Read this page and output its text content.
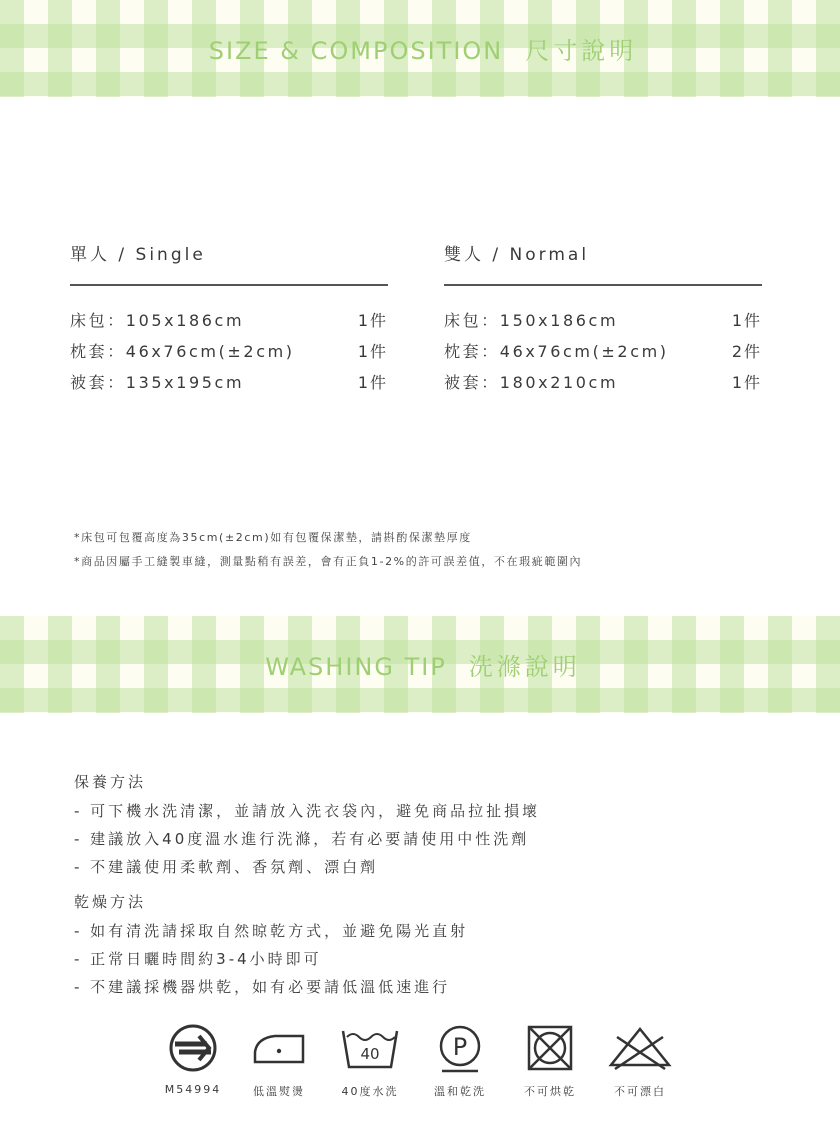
SIZE & COMPOSITION 尺寸說明
單人 / Single
床包：105x186cm	1件
枕套：46x76cm(±2cm)	1件
被套：135x195cm	1件
雙人 / Normal
床包：150x186cm	1件
枕套：46x76cm(±2cm)	2件
被套：180x210cm	1件
*床包可包覆高度為35cm(±2cm)如有包覆保潔墊，請斟酌保潔墊厚度
*商品因屬手工縫製車縫，測量點稍有誤差，會有正負1-2%的許可誤差值，不在瑕疵範圍內
WASHING TIP 洗滌說明
保養方法
- 可下機水洗清潔，並請放入洗衣袋內，避免商品拉扯損壞
- 建議放入40度溫水進行洗滌，若有必要請使用中性洗劑
- 不建議使用柔軟劑、香氛劑、漂白劑
乾燥方法
- 如有清洗請採取自然晾乾方式，並避免陽光直射
- 正常日曬時間約3-4小時即可
- 不建議採機器烘乾，如有必要請低溫低速進行
40	P
M54994	低溫熨燙	40度水洗	溫和乾洗	不可烘乾	不可漂白
